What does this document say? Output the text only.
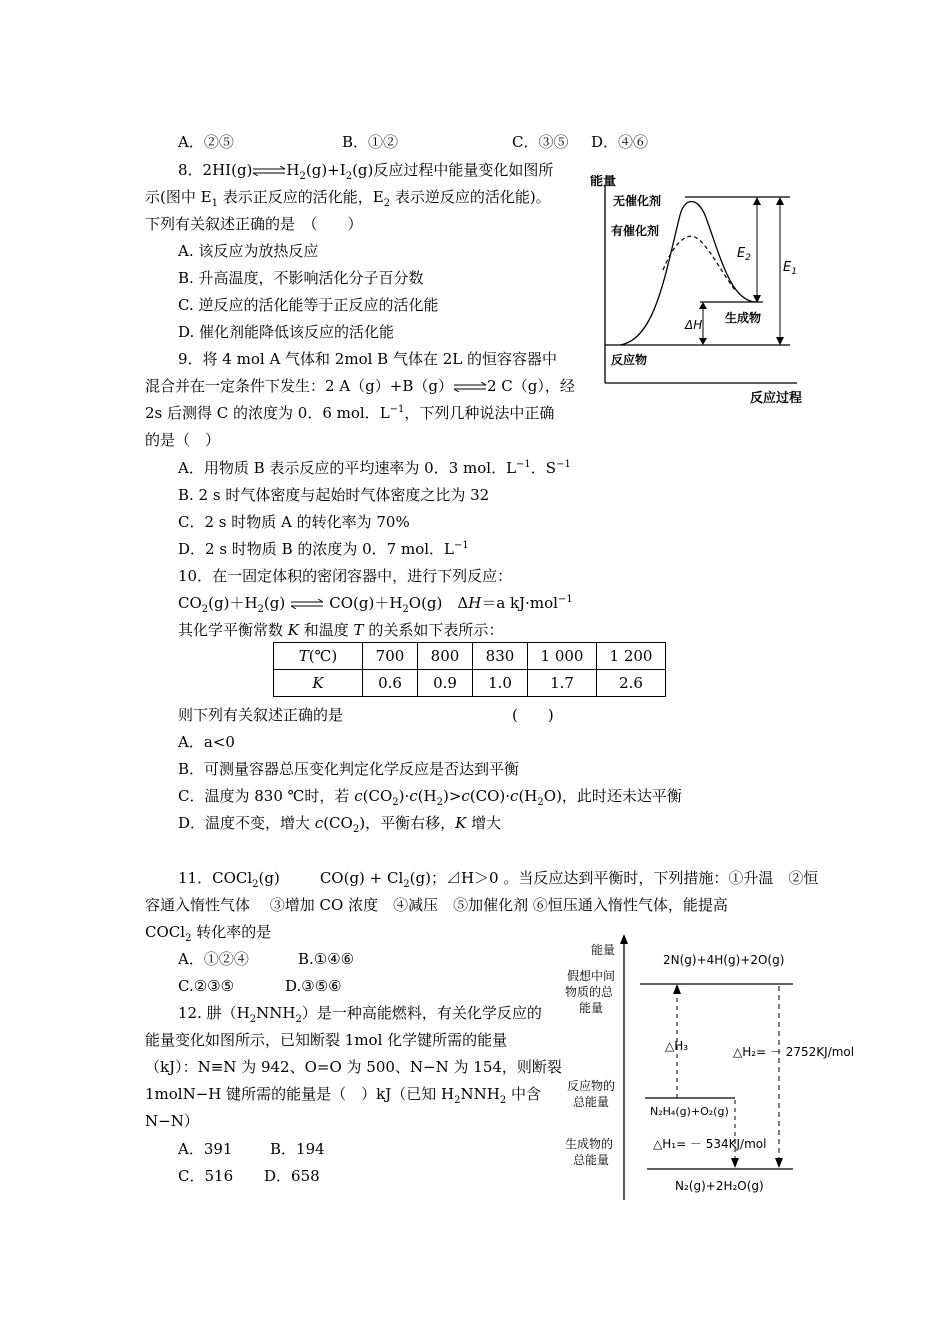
A．②⑤	B．①②	C．③⑤ D．④⑥
8．$2HI(g)\rightleftharpoons H_2(g)+I_2(g)$反应过程中能量变化如图所
示(图中 $E_1$ 表示正反应的活化能，$E_2$ 表示逆反应的活化能)。
下列有关叙述正确的是　（　　）
A. 该反应为放热反应
B. 升高温度，不影响活化分子百分数
C. 逆反应的活化能等于正反应的活化能
D. 催化剂能降低该反应的活化能
能量
反应过程
无催化剂
有催化剂
$E_2$
$E_1$
ΔH 生成物
反应物
9．将 4 mol A 气体和 2mol B 气体在 2L 的恒容容器中
混合并在一定条件下发生：2 A（g）+B（g）⇌2 C（g），经
2s 后测得 C 的浓度为 0．6 mol．$L^{-1}$，下列几种说法中正确
的是（　）
A．用物质 B 表示反应的平均速率为 0．3 mol．$L^{-1}$．$S^{-1}$
B. 2 s 时气体密度与起始时气体密度之比为 32
C．2 s 时物质 A 的转化率为 70%
D．2 s 时物质 B 的浓度为 0．7 mol．$L^{-1}$
10．在一固定体积的密闭容器中，进行下列反应：
$CO_2(g)+H_2(g)\rightleftharpoons CO(g)+H_2O(g)$　ΔH＝a kJ·mol$^{-1}$
其化学平衡常数 K 和温度 T 的关系如下表所示：
T(℃)	700	800	830	1 000	1 200
K	0.6	0.9	1.0	1.7	2.6
则下列有关叙述正确的是	(　　)
A．a<0
B．可测量容器总压变化判定化学反应是否达到平衡
C．温度为 830 ℃时，若 $c(CO_2)\cdot c(H_2)>c(CO)\cdot c(H_2O)$，此时还未达平衡
D．温度不变，增大 $c(CO_2)$，平衡右移，K 增大
11．COCl$_2$(g)	$CO(g) + Cl_2(g)$；⊿H＞0 。当反应达到平衡时，下列措施：①升温　②恒
容通入惰性气体　 ③增加 CO 浓度　④减压　⑤加催化剂 ⑥恒压通入惰性气体，能提高
COCl$_2$ 转化率的是
A．①②④	B.①④⑥
C.②③⑤	D.③⑤⑥
12. 肼$(H_2NNH_2)$是一种高能燃料，有关化学反应的
能量变化如图所示，已知断裂 1mol 化学键所需的能量
（kJ）：N≡N 为 942、O=O 为 500、N−N 为 154，则断裂
1molN−H 键所需的能量是（　）kJ（已知 $H_2NNH_2$ 中含
N−N）
A．391	B．194
C．516 D．658
能量
假想中间
物质的总
能量
2N(g)+4H(g)+2O(g)
△H₃	△H₂= － 2752KJ/mol
反应物的
总能量
N₂H₄(g)+O₂(g)
△H₁= － 534KJ/mol
生成物的
总能量
N₂(g)+2H₂O(g)
